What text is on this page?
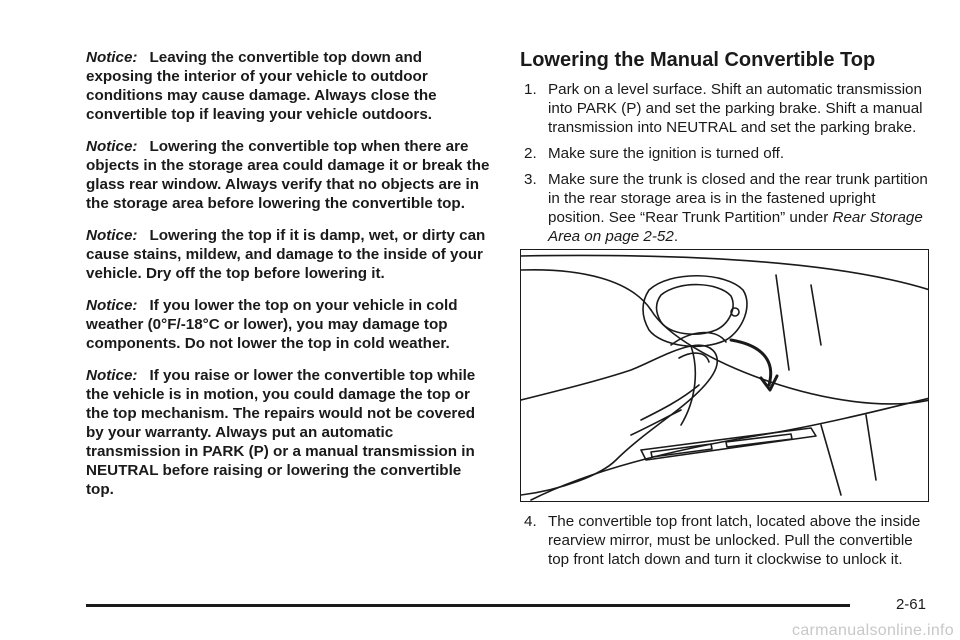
Notice: Leaving the convertible top down and exposing the interior of your vehicle to outdoor conditions may cause damage. Always close the convertible top if leaving your vehicle outdoors.

Notice: Lowering the convertible top when there are objects in the storage area could damage it or break the glass rear window. Always verify that no objects are in the storage area before lowering the convertible top.

Notice: Lowering the top if it is damp, wet, or dirty can cause stains, mildew, and damage to the inside of your vehicle. Dry off the top before lowering it.

Notice: If you lower the top on your vehicle in cold weather (0°F/-18°C or lower), you may damage top components. Do not lower the top in cold weather.

Notice: If you raise or lower the convertible top while the vehicle is in motion, you could damage the top or the top mechanism. The repairs would not be covered by your warranty. Always put an automatic transmission in PARK (P) or a manual transmission in NEUTRAL before raising or lowering the convertible top.

Lowering the Manual Convertible Top
1. Park on a level surface. Shift an automatic transmission into PARK (P) and set the parking brake. Shift a manual transmission into NEUTRAL and set the parking brake.
2. Make sure the ignition is turned off.
3. Make sure the trunk is closed and the rear trunk partition in the rear storage area is in the fastened upright position. See “Rear Trunk Partition” under Rear Storage Area on page 2-52.
4. The convertible top front latch, located above the inside rearview mirror, must be unlocked. Pull the convertible top front latch down and turn it clockwise to unlock it.
2-61
carmanualsonline.info
